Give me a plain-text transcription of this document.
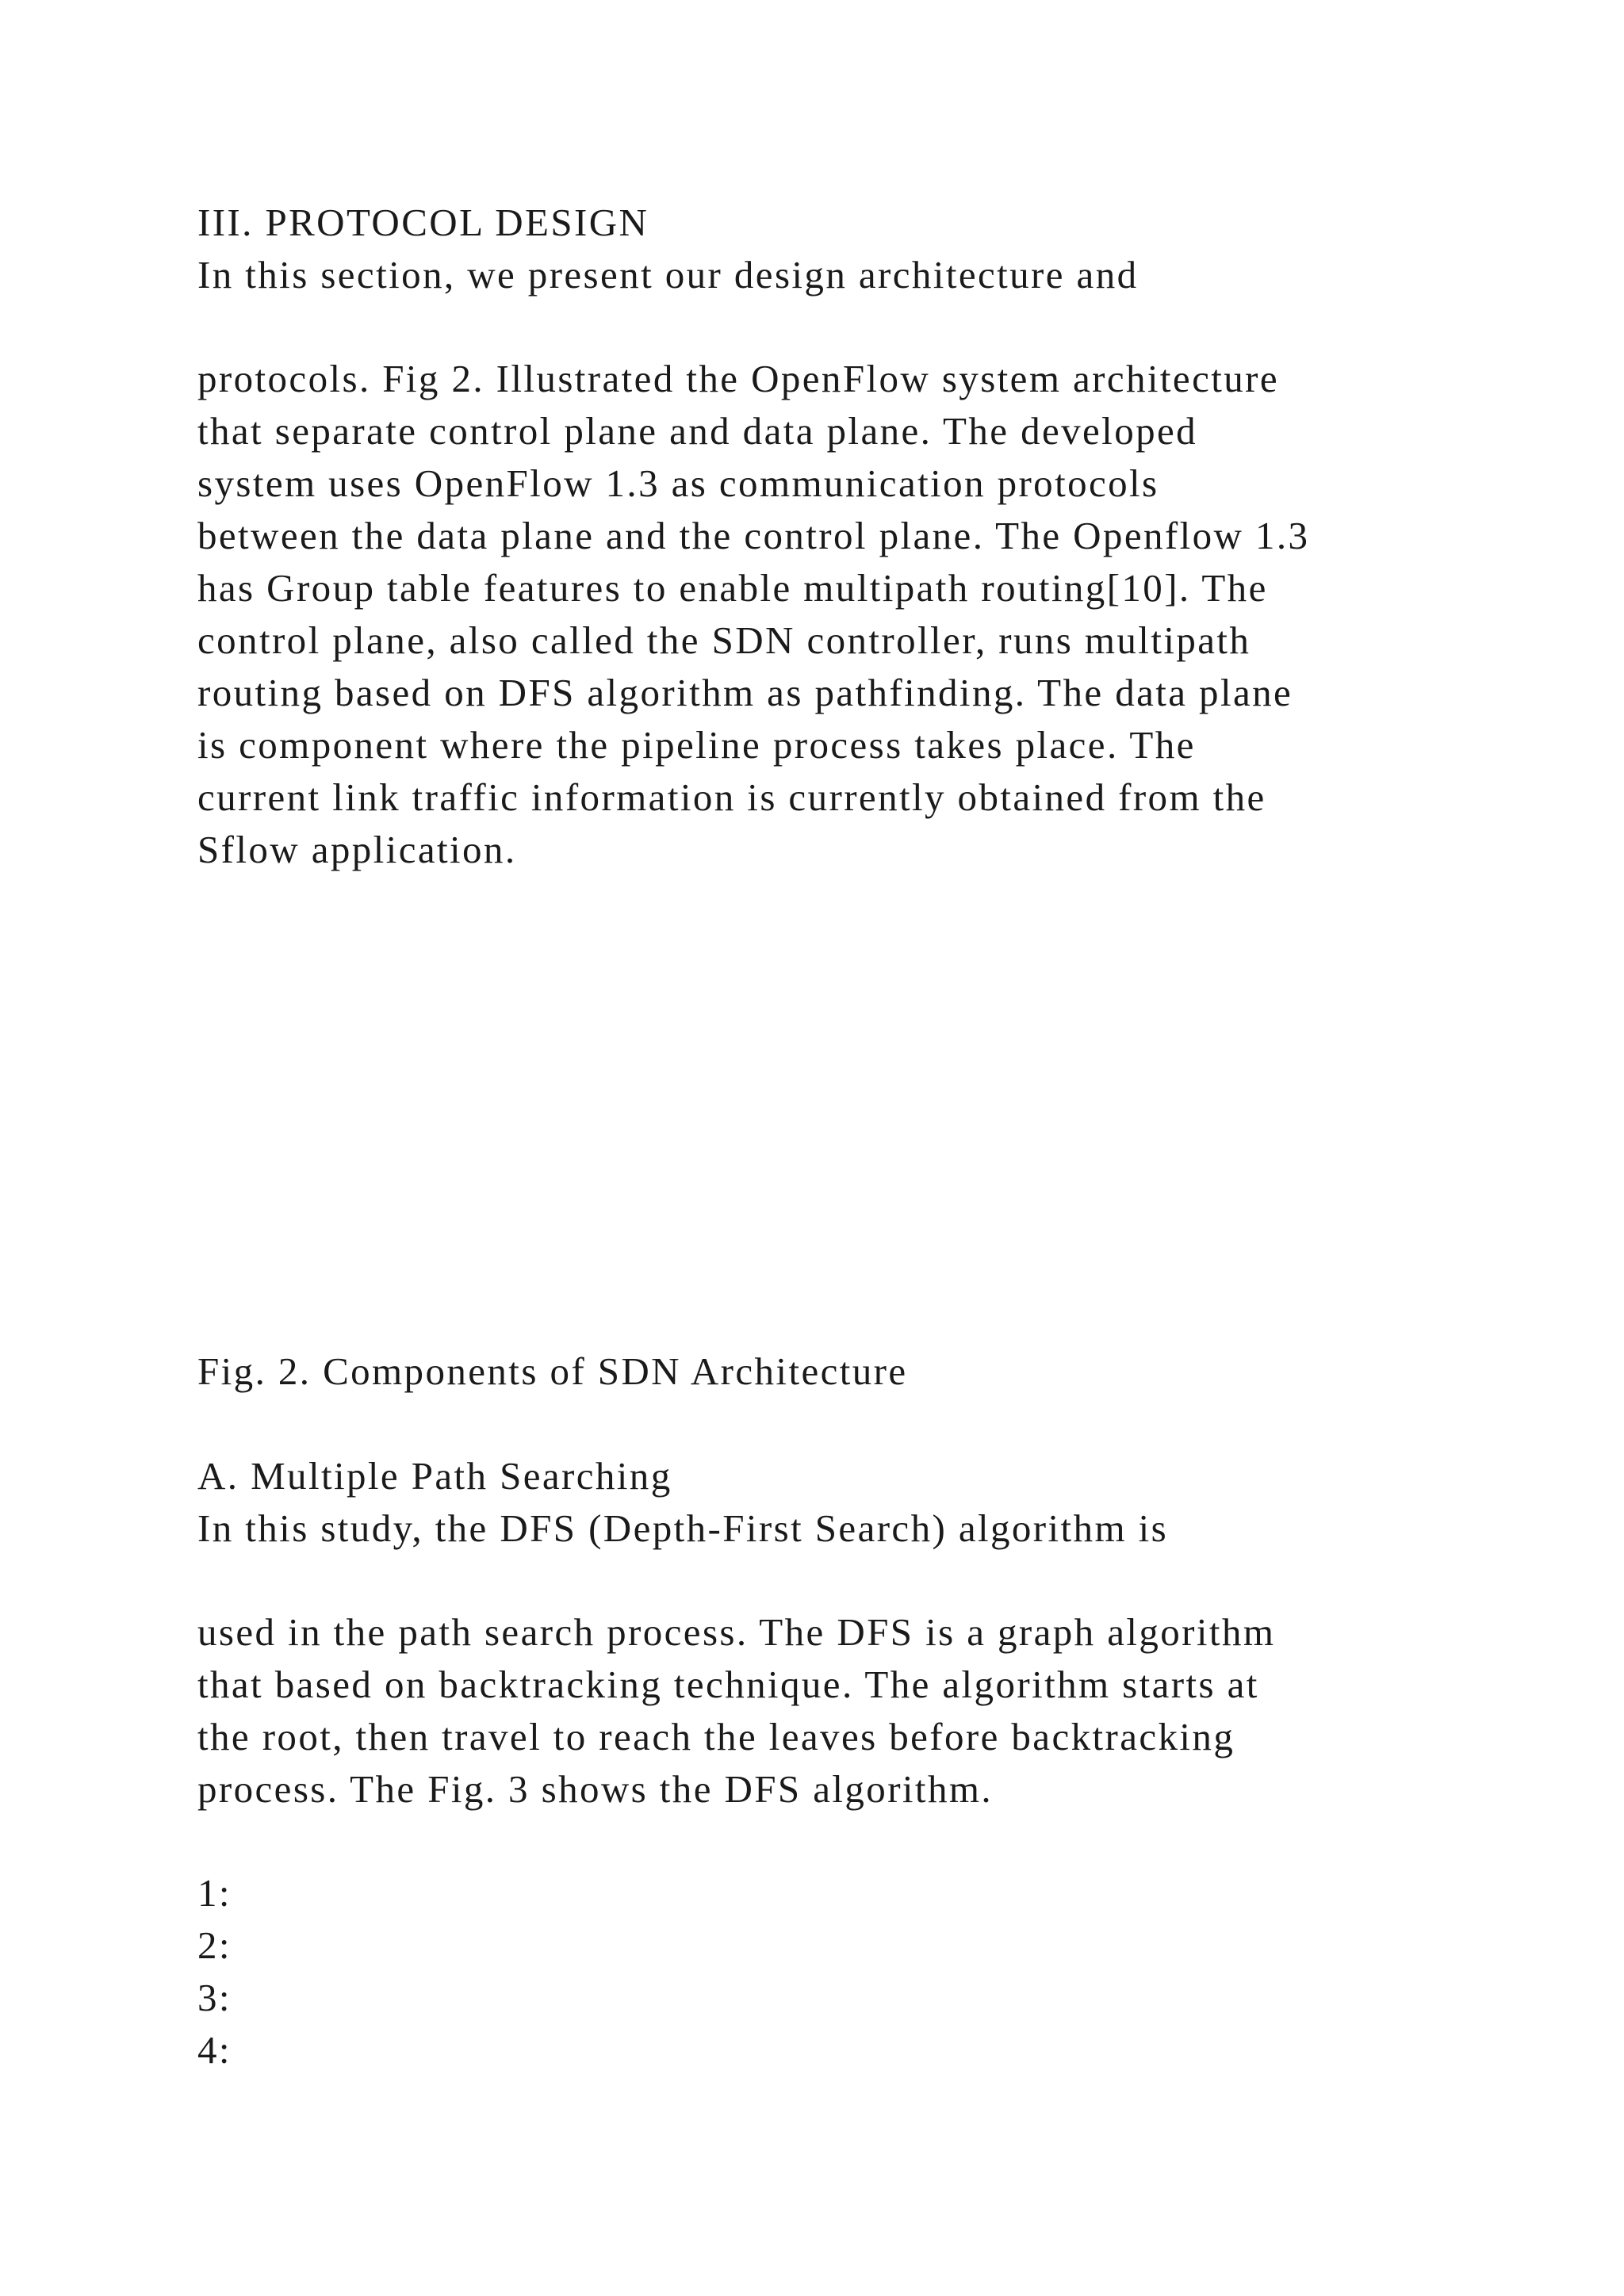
III. PROTOCOL DESIGN

In this section, we present our design architecture and

protocols. Fig 2. Illustrated the OpenFlow system architecture

that separate control plane and data plane. The developed

system uses OpenFlow 1.3 as communication protocols

between the data plane and the control plane. The Openflow 1.3

has Group table features to enable multipath routing[10]. The

control plane, also called the SDN controller, runs multipath

routing based on DFS algorithm as pathfinding. The data plane

is component where the pipeline process takes place. The

current link traffic information is currently obtained from the

Sflow application.

Fig. 2. Components of SDN Architecture

A. Multiple Path Searching

In this study, the DFS (Depth-First Search) algorithm is

used in the path search process. The DFS is a graph algorithm

that based on backtracking technique. The algorithm starts at

the root, then travel to reach the leaves before backtracking

process. The Fig. 3 shows the DFS algorithm.

1:

2:

3:

4:
